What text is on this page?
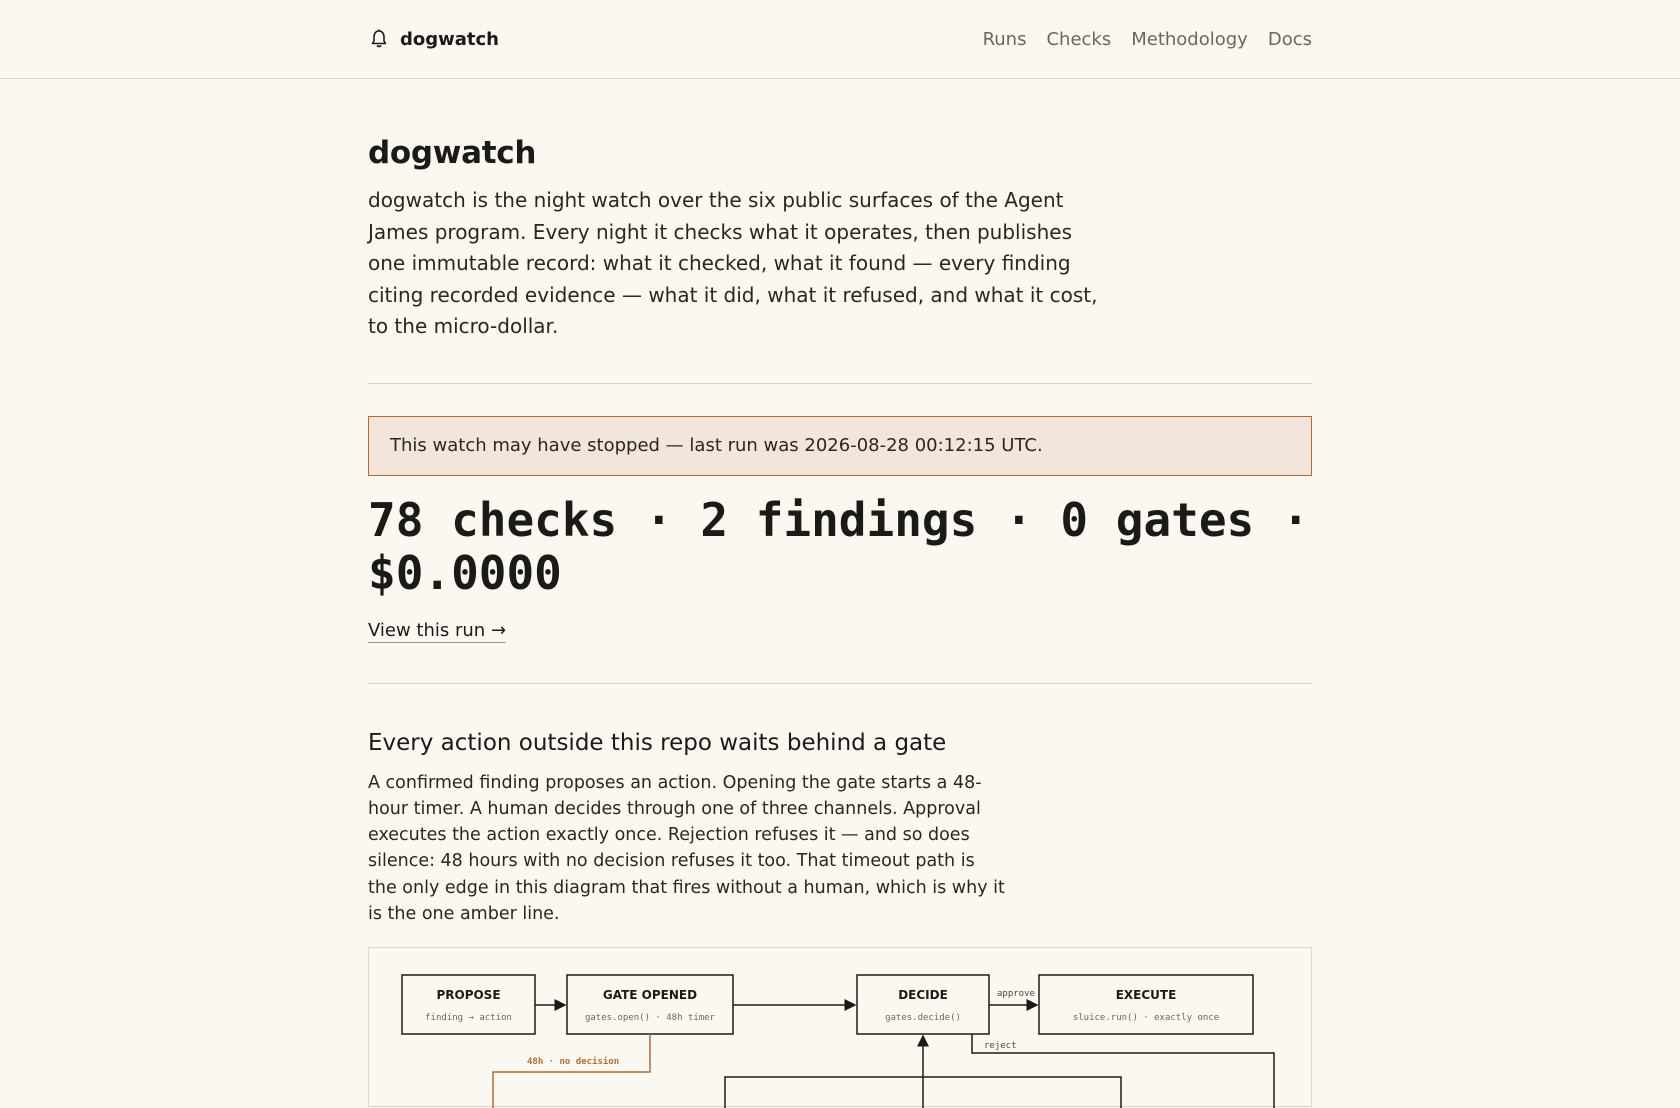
dogwatch	Runs Checks Methodology Docs
dogwatch

dogwatch is the night watch over the six public surfaces of the Agent James program. Every night it checks what it operates, then publishes one immutable record: what it checked, what it found — every finding citing recorded evidence — what it did, what it refused, and what it cost, to the micro-dollar.

This watch may have stopped — last run was 2026-08-28 00:12:15 UTC.
78 checks · 2 findings · 0 gates ·
$0.0000
View this run →
Every action outside this repo waits behind a gate

A confirmed finding proposes an action. Opening the gate starts a 48-hour timer. A human decides through one of three channels. Approval executes the action exactly once. Rejection refuses it — and so does silence: 48 hours with no decision refuses it too. That timeout path is the only edge in this diagram that fires without a human, which is why it is the one amber line.

PROPOSE
finding → action
GATE OPENED
gates.open() · 48h timer
DECIDE
gates.decide()
EXECUTE
sluice.run() · exactly once
approve
reject
48h · no decision
